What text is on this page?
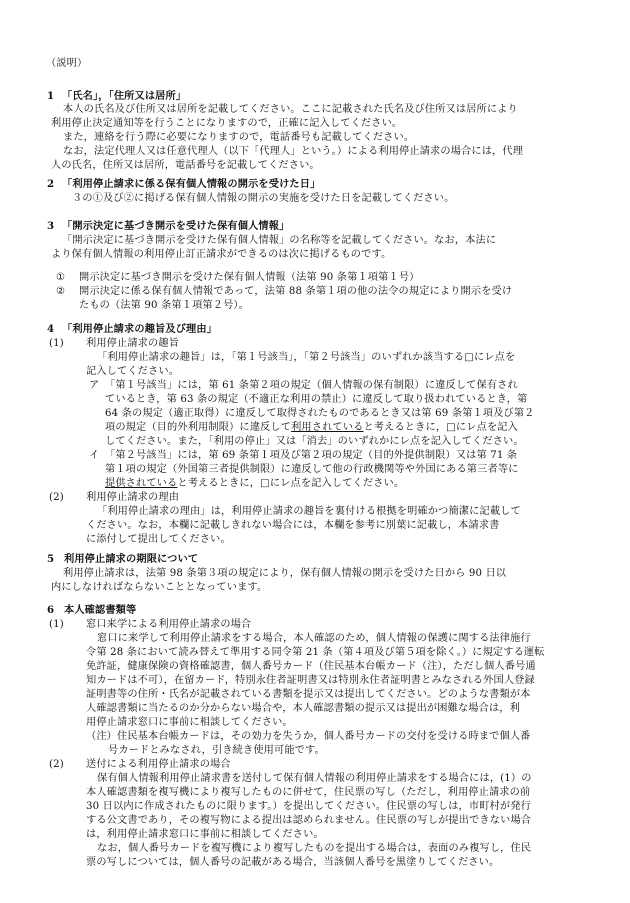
（説明）
1 「氏名」，「住所又は居所」
本人の氏名及び住所又は居所を記載してください。ここに記載された氏名及び住所又は居所により
利用停止決定通知等を行うことになりますので，正確に記入してください。
また，連絡を行う際に必要になりますので，電話番号も記載してください。
なお，法定代理人又は任意代理人（以下「代理人」という。）による利用停止請求の場合には，代理
人の氏名，住所又は居所，電話番号を記載してください。
2 「利用停止請求に係る保有個人情報の開示を受けた日」
３の①及び②に掲げる保有個人情報の開示の実施を受けた日を記載してください。
3 「開示決定に基づき開示を受けた保有個人情報」
「開示決定に基づき開示を受けた保有個人情報」の名称等を記載してください。なお，本法に
より保有個人情報の利用停止訂正請求ができるのは次に掲げるものです。
① 開示決定に基づき開示を受けた保有個人情報（法第 90 条第１項第１号）
② 開示決定に係る保有個人情報であって，法第 88 条第１項の他の法令の規定により開示を受け
たもの（法第 90 条第１項第２号）。
4 「利用停止請求の趣旨及び理由」
(1) 利用停止請求の趣旨
「利用停止請求の趣旨」は，「第１号該当」，「第２号該当」のいずれか該当する□にレ点を
記入してください。
ア 「第１号該当」には，第 61 条第２項の規定（個人情報の保有制限）に違反して保有され
ているとき，第 63 条の規定（不適正な利用の禁止）に違反して取り扱われているとき，第
64 条の規定（適正取得）に違反して取得されたものであるとき又は第 69 条第１項及び第２
項の規定（目的外利用制限）に違反して利用されていると考えるときに，□にレ点を記入
してください。また，「利用の停止」又は「消去」のいずれかにレ点を記入してください。
イ 「第２号該当」には，第 69 条第１項及び第２項の規定（目的外提供制限）又は第 71 条
第１項の規定（外国第三者提供制限）に違反して他の行政機関等や外国にある第三者等に
提供されていると考えるときに，□にレ点を記入してください。
(2) 利用停止請求の理由
「利用停止請求の理由」は，利用停止請求の趣旨を裏付ける根拠を明確かつ簡潔に記載して
ください。なお，本欄に記載しきれない場合には，本欄を参考に別葉に記載し，本請求書
に添付して提出してください。
5 利用停止請求の期限について
利用停止請求は，法第 98 条第３項の規定により，保有個人情報の開示を受けた日から 90 日以
内にしなければならないこととなっています。
6 本人確認書類等
(1) 窓口来学による利用停止請求の場合
窓口に来学して利用停止請求をする場合，本人確認のため，個人情報の保護に関する法律施行
令第 28 条において読み替えて準用する同令第 21 条（第４項及び第５項を除く。）に規定する運転
免許証，健康保険の資格確認書，個人番号カード（住民基本台帳カード（注），ただし個人番号通
知カードは不可），在留カード，特別永住者証明書又は特別永住者証明書とみなされる外国人登録
証明書等の住所・氏名が記載されている書類を提示又は提出してください。どのような書類が本
人確認書類に当たるのか分からない場合や，本人確認書類の提示又は提出が困難な場合は，利
用停止請求窓口に事前に相談してください。
（注）住民基本台帳カードは，その効力を失うか，個人番号カードの交付を受ける時まで個人番
号カードとみなされ，引き続き使用可能です。
(2) 送付による利用停止請求の場合
保有個人情報利用停止請求書を送付して保有個人情報の利用停止請求をする場合には，(1）の
本人確認書類を複写機により複写したものに併せて，住民票の写し（ただし，利用停止請求の前
30 日以内に作成されたものに限ります。）を提出してください。住民票の写しは，市町村が発行
する公文書であり，その複写物による提出は認められません。住民票の写しが提出できない場合
は，利用停止請求窓口に事前に相談してください。
なお，個人番号カードを複写機により複写したものを提出する場合は，表面のみ複写し，住民
票の写しについては，個人番号の記載がある場合，当該個人番号を黒塗りしてください。
